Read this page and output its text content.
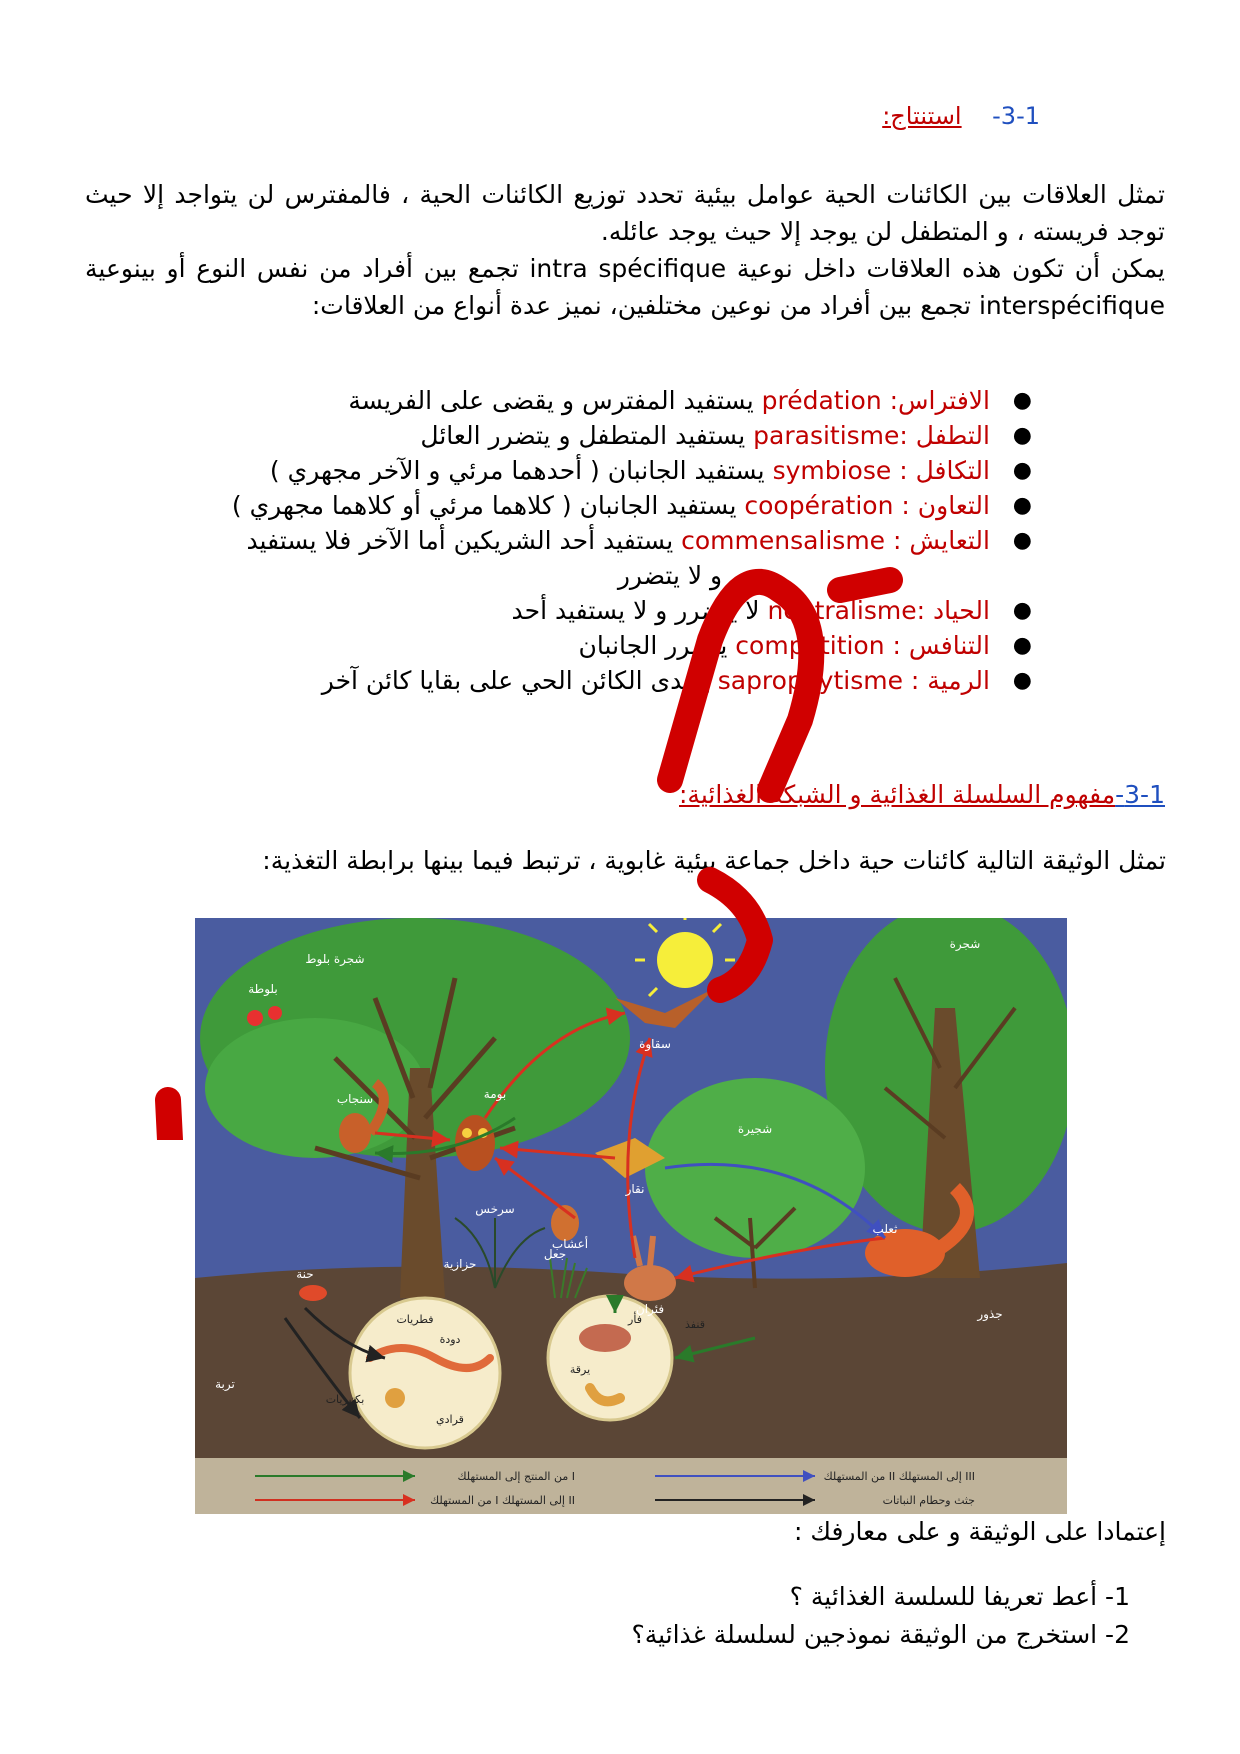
3-1-    استنتاج:
تمثل العلاقات بين الكائنات الحية عوامل بيئية تحدد توزيع الكائنات الحية ، فالمفترس لن يتواجد إلا حيث توجد فريسته ، و المتطفل لن يوجد إلا حيث يوجد عائله.
يمكن أن تكون هذه العلاقات داخل نوعية intra spécifique تجمع بين أفراد من نفس النوع أو بينوعية interspécifique تجمع بين أفراد من نوعين مختلفين، نميز عدة أنواع من العلاقات:
●
الافتراس: prédation يستفيد المفترس و يقضى على الفريسة
●
التطفل :parasitisme يستفيد المتطفل و يتضرر العائل
●
التكافل : symbiose يستفيد الجانبان ( أحدهما مرئي و الآخر مجهري )
●
التعاون : coopération يستفيد الجانبان ( كلاهما مرئي أو كلاهما مجهري )
●
التعايش : commensalisme يستفيد أحد الشريكين أما الآخر فلا يستفيد
و لا يتضرر
●
الحياد :neutralisme لا يتضرر و لا يستفيد أحد
●
التنافس : compétition يتضرر الجانبان
●
الرمية : saprophytisme يتغدى الكائن الحي على بقايا كائن آخر
3-1-مفهوم السلسلة الغذائية و الشبكة الغذائية:
تمثل الوثيقة التالية كائنات حية داخل جماعة بيئية غابوية ، ترتبط فيما بينها برابطة التغذية:
شجرة بلوط
بلوطة
سنجاب	بومة
سقاوة
نقار
جعل
شجرة
شجيرة
سرخس
أعشاب
ثعلب
فئران
حنة
حزازية
جذور
تربة
دودة
بكتيريات
فطريات
قرادي
يرقة
فأر	قنفذ
من المنتج إلى المستهلك I
من المستهلك I إلى المستهلك II
من المستهلك II إلى المستهلك III
جثث وحطام النباتات
إعتمادا على الوثيقة و على معارفك :
1- أعط تعريفا للسلسة الغذائية ؟
2- استخرج من الوثيقة نموذجين لسلسلة غذائية؟
